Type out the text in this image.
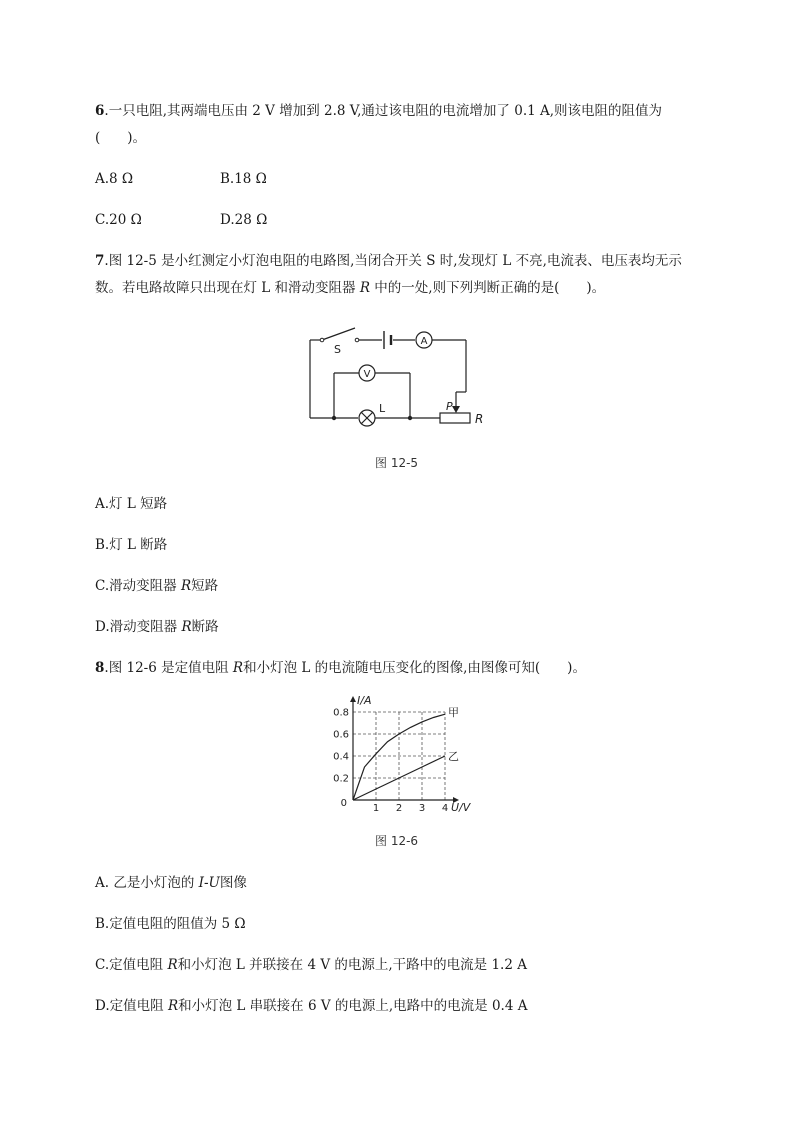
6.一只电阻,其两端电压由 2 V 增加到 2.8 V,通过该电阻的电流增加了 0.1 A,则该电阻的阻值为
(　　)。
A.8 Ω	B.18 Ω
C.20 Ω	D.28 Ω
7.图 12-5 是小红测定小灯泡电阻的电路图,当闭合开关 S 时,发现灯 L 不亮,电流表、电压表均无示
数。若电路故障只出现在灯 L 和滑动变阻器 R 中的一处,则下列判断正确的是(　　)。
S
A
V
L	P
R
图 12-5
A.灯 L 短路
B.灯 L 断路
C.滑动变阻器 R短路
D.滑动变阻器 R断路
8.图 12-6 是定值电阻 R和小灯泡 L 的电流随电压变化的图像,由图像可知(　　)。
1 2 3 4
0.2
0.4
0.6
0.8
0
I/A
U/V
甲
乙
图 12-6
A. 乙是小灯泡的 I-U图像
B.定值电阻的阻值为 5 Ω
C.定值电阻 R和小灯泡 L 并联接在 4 V 的电源上,干路中的电流是 1.2 A
D.定值电阻 R和小灯泡 L 串联接在 6 V 的电源上,电路中的电流是 0.4 A
